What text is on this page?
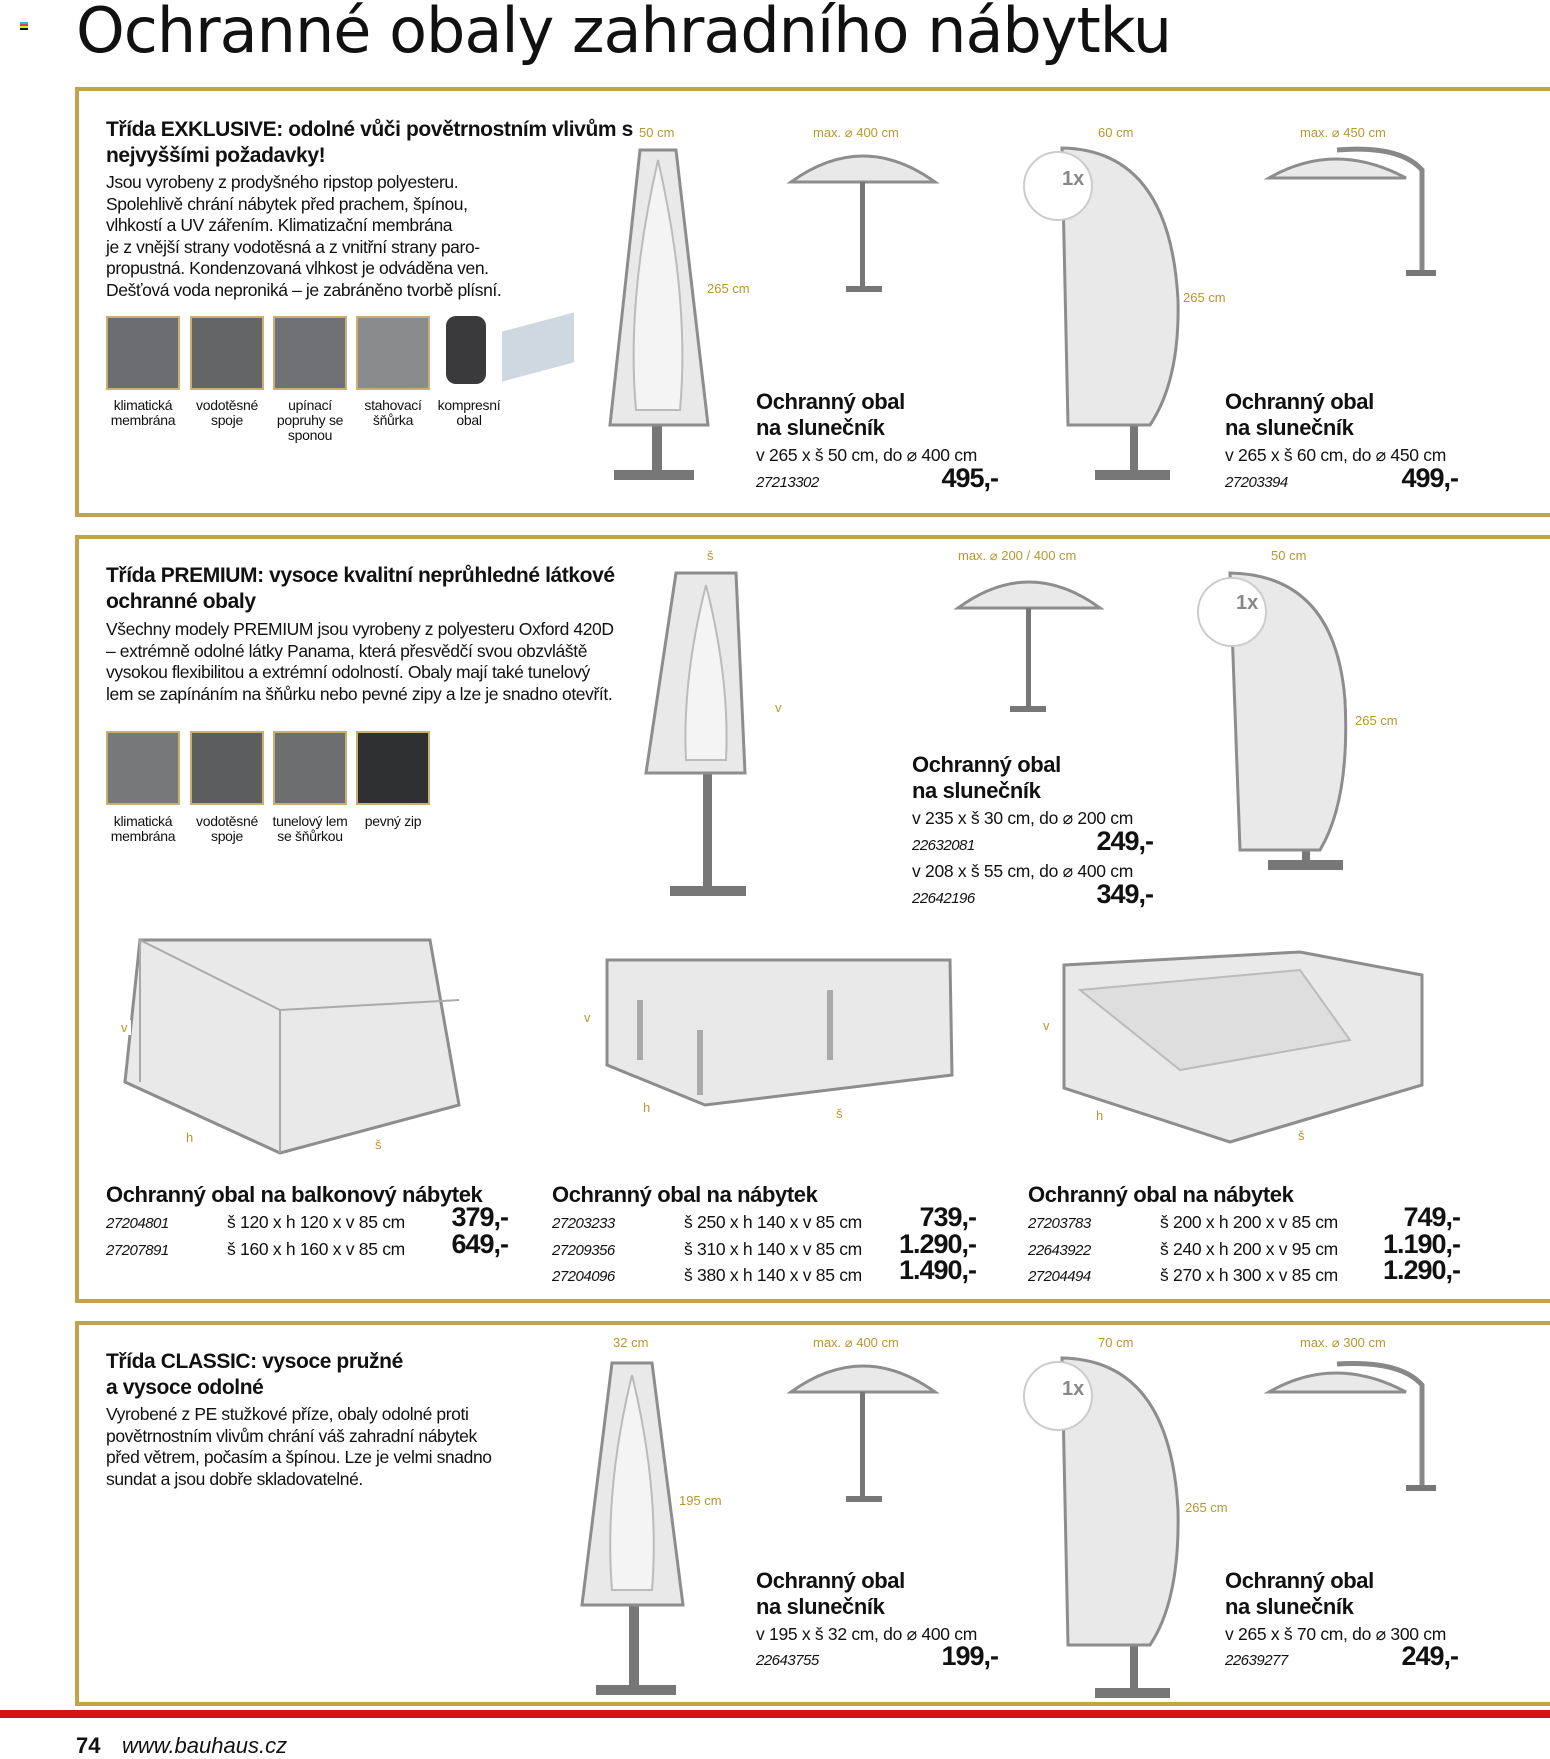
Ochranné obaly zahradního nábytku
Třída EXKLUSIVE: odolné vůči povětrnostním vlivům s nejvyššími požadavky!
Jsou vyrobeny z prodyšného ripstop polyesteru.
Spolehlivě chrání nábytek před prachem, špínou,
vlhkostí a UV zářením. Klimatizační membrána
je z vnější strany vodotěsná a z vnitřní strany paro-
propustná. Kondenzovaná vlhkost je odváděna ven.
Dešťová voda neproniká – je zabráněno tvorbě plísní.
klimatická membrána
vodotěsné spoje
upínací popruhy se sponou
stahovací šňůrka
kompresní obal
50 cm
265 cm
max. ⌀ 400 cm	60 cm
265 cm
max. ⌀ 450 cm
1x
Ochranný obal
na slunečník
v 265 x š 50 cm, do ⌀ 400 cm
27213302	495,-
Ochranný obal
na slunečník
v 265 x š 60 cm, do ⌀ 450 cm
27203394	499,-
Třída PREMIUM: vysoce kvalitní neprůhledné látkové ochranné obaly
Všechny modely PREMIUM jsou vyrobeny z polyesteru Oxford 420D
– extrémně odolné látky Panama, která přesvědčí svou obzvláště
vysokou flexibilitou a extrémní odolností. Obaly mají také tunelový
lem se zapínáním na šňůrku nebo pevné zipy a lze je snadno otevřít.
klimatická membrána
vodotěsné spoje
tunelový lem se šňůrkou
pevný zip
š
v
max. ⌀ 200 / 400 cm	50 cm
265 cm
1x
v
h	š
v
h	š
v
h
š
Ochranný obal
na slunečník
v 235 x š 30 cm, do ⌀ 200 cm
22632081	249,-
v 208 x š 55 cm, do ⌀ 400 cm
22642196	349,-
Ochranný obal na balkonový nábytek
27204801	š 120 x h 120 x v 85 cm	379,-
27207891	š 160 x h 160 x v 85 cm	649,-
Ochranný obal na nábytek
27203233	š 250 x h 140 x v 85 cm	739,-
27209356	š 310 x h 140 x v 85 cm	1.290,-
27204096	š 380 x h 140 x v 85 cm	1.490,-
Ochranný obal na nábytek
27203783	š 200 x h 200 x v 85 cm	749,-
22643922	š 240 x h 200 x v 95 cm	1.190,-
27204494	š 270 x h 300 x v 85 cm	1.290,-
Třída CLASSIC: vysoce pružné a vysoce odolné
Vyrobené z PE stužkové příze, obaly odolné proti
povětrnostním vlivům chrání váš zahradní nábytek
před větrem, počasím a špínou. Lze je velmi snadno
sundat a jsou dobře skladovatelné.
32 cm
195 cm
max. ⌀ 400 cm	70 cm
265 cm
max. ⌀ 300 cm
1x
Ochranný obal
na slunečník
v 195 x š 32 cm, do ⌀ 400 cm
22643755	199,-
Ochranný obal
na slunečník
v 265 x š 70 cm, do ⌀ 300 cm
22639277	249,-
74 www.bauhaus.cz
